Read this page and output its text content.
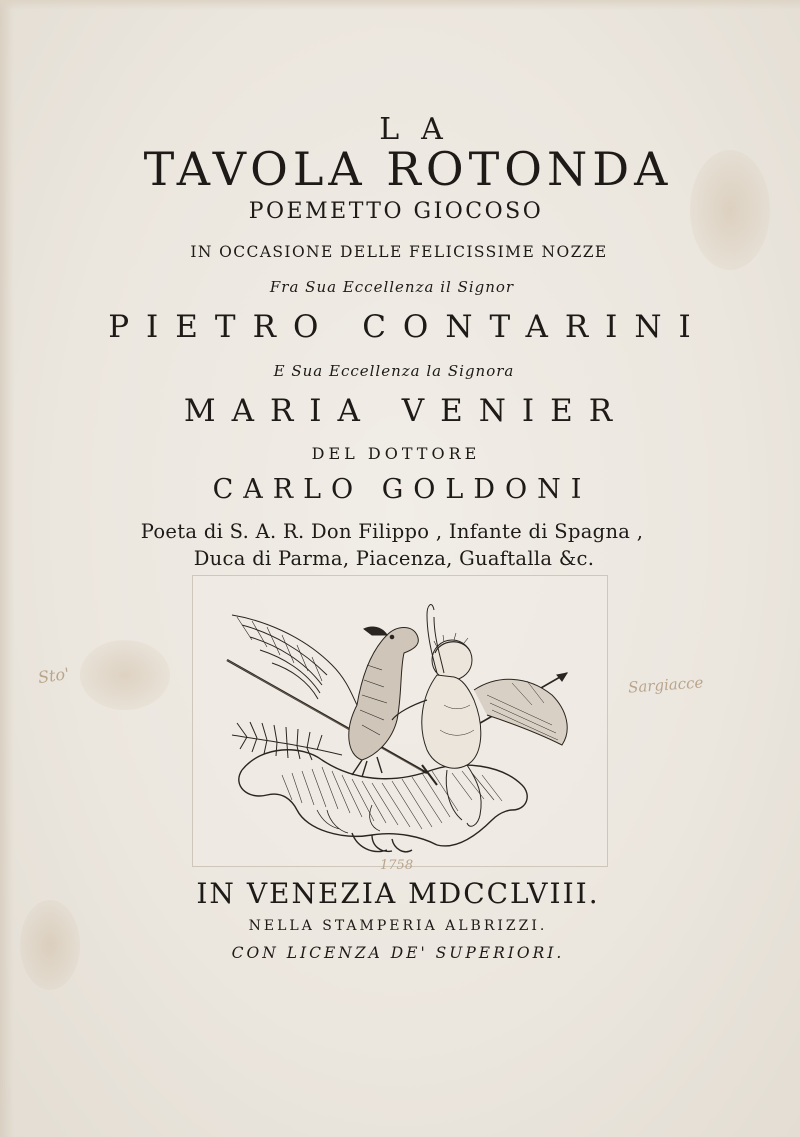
LA

TAVOLA ROTONDA

POEMETTO GIOCOSO

IN OCCASIONE DELLE FELICISSIME NOZZE

Fra Sua Eccellenza il Signor

PIETRO CONTARINI

E Sua Eccellenza la Signora

MARIA VENIER

DEL DOTTORE

CARLO GOLDONI

Poeta di S. A. R. Don Filippo , Infante di Spagna ,

Duca di Parma, Piacenza, Guaftalla &c.

IN VENEZIA MDCCLVIII.

NELLA STAMPERIA ALBRIZZI.

CON LICENZA DE' SUPERIORI.

Sto'	Sargiacce
1758
